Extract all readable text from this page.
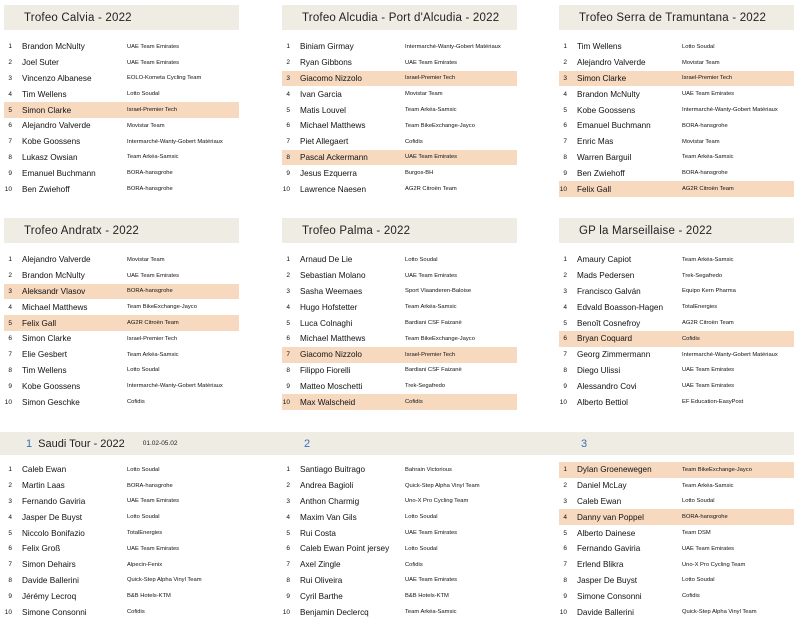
Trofeo Calvia - 2022
1	Brandon McNulty	UAE Team Emirates
2	Joel Suter	UAE Team Emirates
3	Vincenzo Albanese	EOLO-Kometa Cycling Team
4	Tim Wellens	Lotto Soudal
5	Simon Clarke	Israel-Premier Tech
6	Alejandro Valverde	Movistar Team
7	Kobe Goossens	Intermarché-Wanty-Gobert Matériaux
8	Lukasz Owsian	Team Arkéa-Samsic
9	Emanuel Buchmann	BORA-hansgrohe
10	Ben Zwiehoff	BORA-hansgrohe
Trofeo Alcudia - Port d'Alcudia - 2022
1	Biniam Girmay	Intermarché-Wanty-Gobert Matériaux
2	Ryan Gibbons	UAE Team Emirates
3	Giacomo Nizzolo	Israel-Premier Tech
4	Ivan Garcia	Movistar Team
5	Matis Louvel	Team Arkéa-Samsic
6	Michael Matthews	Team BikeExchange-Jayco
7	Piet Allegaert	Cofidis
8	Pascal Ackermann	UAE Team Emirates
9	Jesus Ezquerra	Burgos-BH
10	Lawrence Naesen	AG2R Citroën Team
Trofeo Serra de Tramuntana - 2022
1	Tim Wellens	Lotto Soudal
2	Alejandro Valverde	Movistar Team
3	Simon Clarke	Israel-Premier Tech
4	Brandon McNulty	UAE Team Emirates
5	Kobe Goossens	Intermarché-Wanty-Gobert Matériaux
6	Emanuel Buchmann	BORA-hansgrohe
7	Enric Mas	Movistar Team
8	Warren Barguil	Team Arkéa-Samsic
9	Ben Zwiehoff	BORA-hansgrohe
10	Felix Gall	AG2R Citroën Team
Trofeo Andratx - 2022
1	Alejandro Valverde	Movistar Team
2	Brandon McNulty	UAE Team Emirates
3	Aleksandr Vlasov	BORA-hansgrohe
4	Michael Matthews	Team BikeExchange-Jayco
5	Felix Gall	AG2R Citroën Team
6	Simon Clarke	Israel-Premier Tech
7	Elie Gesbert	Team Arkéa-Samsic
8	Tim Wellens	Lotto Soudal
9	Kobe Goossens	Intermarché-Wanty-Gobert Matériaux
10	Simon Geschke	Cofidis
Trofeo Palma - 2022
1	Arnaud De Lie	Lotto Soudal
2	Sebastian Molano	UAE Team Emirates
3	Sasha Weemaes	Sport Vlaanderen-Baloise
4	Hugo Hofstetter	Team Arkéa-Samsic
5	Luca Colnaghi	Bardiani CSF Faizanè
6	Michael Matthews	Team BikeExchange-Jayco
7	Giacomo Nizzolo	Israel-Premier Tech
8	Filippo Fiorelli	Bardiani CSF Faizanè
9	Matteo Moschetti	Trek-Segafredo
10	Max Walscheid	Cofidis
GP la Marseillaise - 2022
1	Amaury Capiot	Team Arkéa-Samsic
2	Mads Pedersen	Trek-Segafredo
3	Francisco Galván	Equipo Kern Pharma
4	Edvald Boasson-Hagen	TotalEnergies
5	Benoît Cosnefroy	AG2R Citroën Team
6	Bryan Coquard	Cofidis
7	Georg Zimmermann	Intermarché-Wanty-Gobert Matériaux
8	Diego Ulissi	UAE Team Emirates
9	Alessandro Covi	UAE Team Emirates
10	Alberto Bettiol	EF Education-EasyPost
1 Saudi Tour - 2022	01.02-05.02
1	Caleb Ewan	Lotto Soudal
2	Martin Laas	BORA-hansgrohe
3	Fernando Gaviria	UAE Team Emirates
4	Jasper De Buyst	Lotto Soudal
5	Niccolo Bonifazio	TotalEnergies
6	Felix Groß	UAE Team Emirates
7	Simon Dehairs	Alpecin-Fenix
8	Davide Ballerini	Quick-Step Alpha Vinyl Team
9	Jérémy Lecroq	B&B Hotels-KTM
10	Simone Consonni	Cofidis
2
1	Santiago Buitrago	Bahrain Victorious
2	Andrea Bagioli	Quick-Step Alpha Vinyl Team
3	Anthon Charmig	Uno-X Pro Cycling Team
4	Maxim Van Gils	Lotto Soudal
5	Rui Costa	UAE Team Emirates
6	Caleb Ewan Point jersey	Lotto Soudal
7	Axel Zingle	Cofidis
8	Rui Oliveira	UAE Team Emirates
9	Cyril Barthe	B&B Hotels-KTM
10	Benjamin Declercq	Team Arkéa-Samsic
3
1	Dylan Groenewegen	Team BikeExchange-Jayco
2	Daniel McLay	Team Arkéa-Samsic
3	Caleb Ewan	Lotto Soudal
4	Danny van Poppel	BORA-hansgrohe
5	Alberto Dainese	Team DSM
6	Fernando Gaviria	UAE Team Emirates
7	Erlend Blikra	Uno-X Pro Cycling Team
8	Jasper De Buyst	Lotto Soudal
9	Simone Consonni	Cofidis
10	Davide Ballerini	Quick-Step Alpha Vinyl Team
